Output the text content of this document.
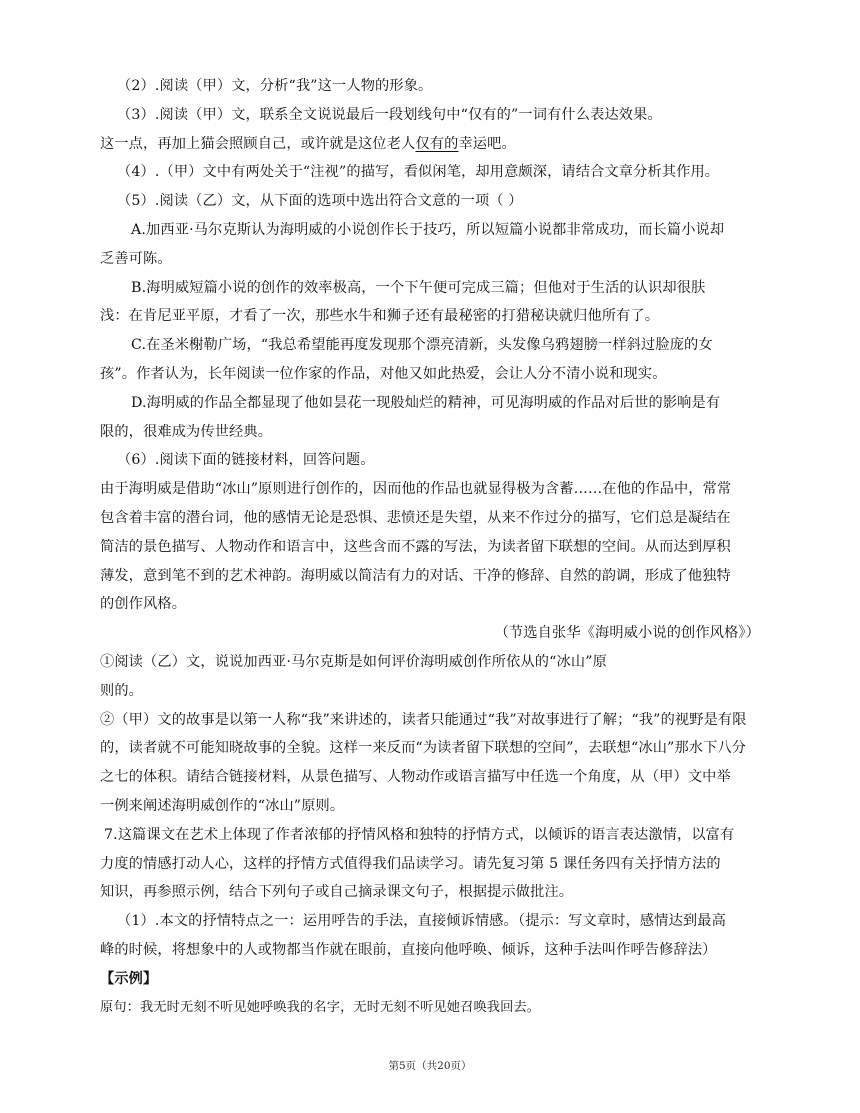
（2）.阅读（甲）文，分析“我”这一人物的形象。
（3）.阅读（甲）文，联系全文说说最后一段划线句中“仅有的”一词有什么表达效果。
这一点，再加上猫会照顾自己，或许就是这位老人仅有的幸运吧。
（4）.（甲）文中有两处关于“注视”的描写，看似闲笔，却用意颇深，请结合文章分析其作用。
（5）.阅读（乙）文，从下面的选项中选出符合文意的一项（ ）
A.加西亚·马尔克斯认为海明威的小说创作长于技巧，所以短篇小说都非常成功，而长篇小说却
乏善可陈。
B.海明威短篇小说的创作的效率极高，一个下午便可完成三篇；但他对于生活的认识却很肤
浅：在肯尼亚平原，才看了一次，那些水牛和狮子还有最秘密的打猎秘诀就归他所有了。
C.在圣米榭勒广场，“我总希望能再度发现那个漂亮清新，头发像乌鸦翅膀一样斜过脸庞的女
孩”。作者认为，长年阅读一位作家的作品，对他又如此热爱，会让人分不清小说和现实。
D.海明威的作品全都显现了他如昙花一现般灿烂的精神，可见海明威的作品对后世的影响是有
限的，很难成为传世经典。
（6）.阅读下面的链接材料，回答问题。
由于海明威是借助“冰山”原则进行创作的，因而他的作品也就显得极为含蓄……在他的作品中，常常
包含着丰富的潜台词，他的感情无论是恐惧、悲愤还是失望，从来不作过分的描写，它们总是凝结在
简洁的景色描写、人物动作和语言中，这些含而不露的写法，为读者留下联想的空间。从而达到厚积
薄发，意到笔不到的艺术神韵。海明威以简洁有力的对话、干净的修辞、自然的韵调，形成了他独特
的创作风格。
（节选自张华《海明威小说的创作风格》）
①阅读（乙）文，说说加西亚·马尔克斯是如何评价海明威创作所依从的“冰山”原
则的。
②（甲）文的故事是以第一人称“我”来讲述的，读者只能通过“我”对故事进行了解；“我”的视野是有限
的，读者就不可能知晓故事的全貌。这样一来反而“为读者留下联想的空间”，去联想“冰山”那水下八分
之七的体积。请结合链接材料，从景色描写、人物动作或语言描写中任选一个角度，从（甲）文中举
一例来阐述海明威创作的“冰山”原则。
7.这篇课文在艺术上体现了作者浓郁的抒情风格和独特的抒情方式，以倾诉的语言表达激情，以富有
力度的情感打动人心，这样的抒情方式值得我们品读学习。请先复习第 5 课任务四有关抒情方法的
知识，再参照示例，结合下列句子或自己摘录课文句子，根据提示做批注。
（1）.本文的抒情特点之一：运用呼告的手法，直接倾诉情感。（提示：写文章时，感情达到最高
峰的时候，将想象中的人或物都当作就在眼前，直接向他呼唤、倾诉，这种手法叫作呼告修辞法）
【示例】
原句：我无时无刻不听见她呼唤我的名字，无时无刻不听见她召唤我回去。
第5页（共20页）
